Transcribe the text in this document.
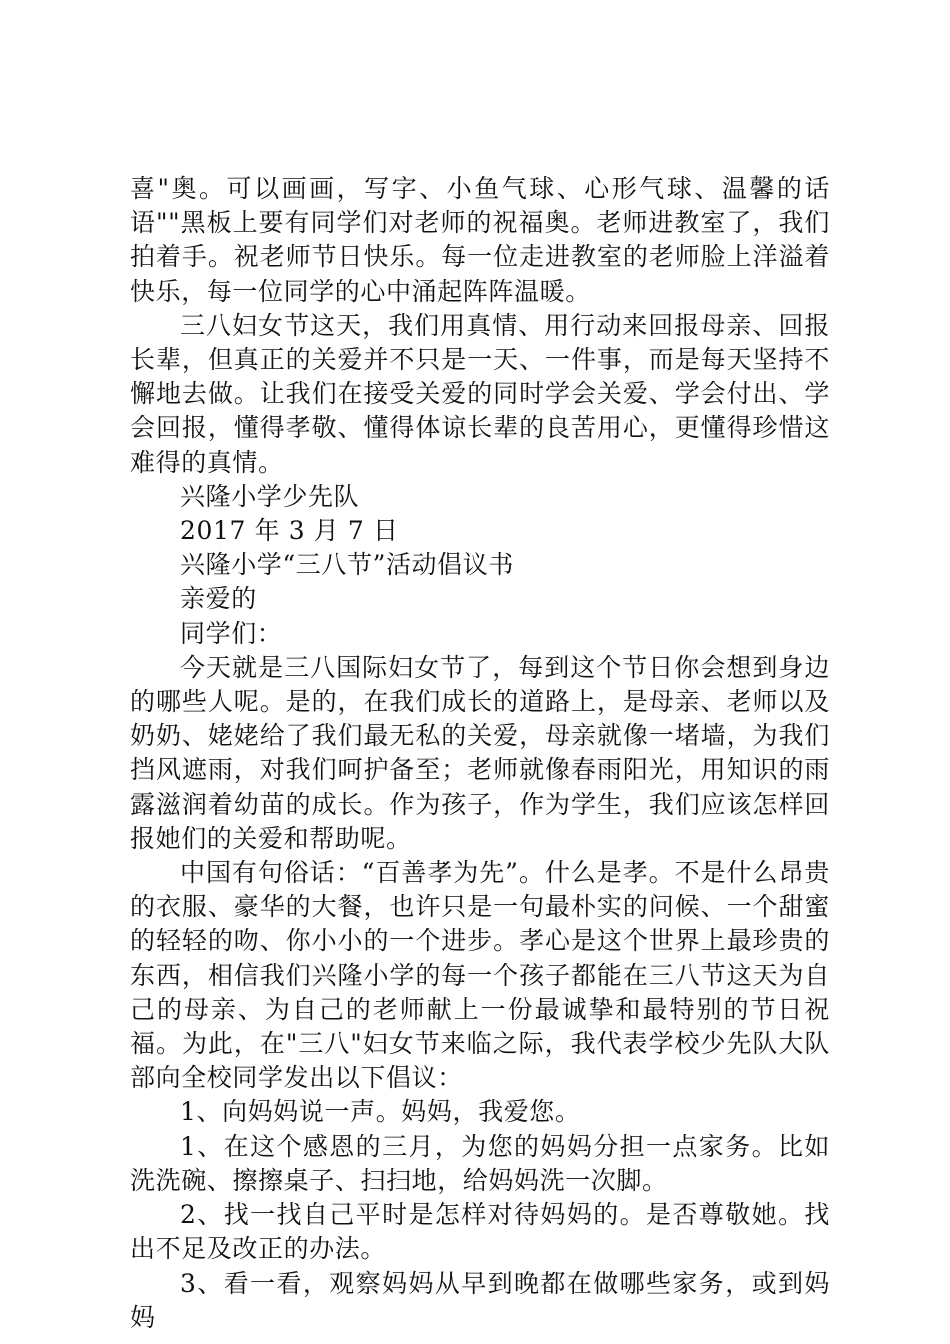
喜"奥。可以画画，写字、小鱼气球、心形气球、温馨的话语""黑板上要有同学们对老师的祝福奥。老师进教室了，我们拍着手。祝老师节日快乐。每一位走进教室的老师脸上洋溢着快乐，每一位同学的心中涌起阵阵温暖。

三八妇女节这天，我们用真情、用行动来回报母亲、回报长辈，但真正的关爱并不只是一天、一件事，而是每天坚持不懈地去做。让我们在接受关爱的同时学会关爱、学会付出、学会回报，懂得孝敬、懂得体谅长辈的良苦用心，更懂得珍惜这难得的真情。

兴隆小学少先队

2017 年 3 月 7 日

兴隆小学“三八节”活动倡议书

亲爱的

同学们：

今天就是三八国际妇女节了，每到这个节日你会想到身边的哪些人呢。是的，在我们成长的道路上，是母亲、老师以及奶奶、姥姥给了我们最无私的关爱，母亲就像一堵墙，为我们挡风遮雨，对我们呵护备至；老师就像春雨阳光，用知识的雨露滋润着幼苗的成长。作为孩子，作为学生，我们应该怎样回报她们的关爱和帮助呢。

中国有句俗话：“百善孝为先”。什么是孝。不是什么昂贵的衣服、豪华的大餐，也许只是一句最朴实的问候、一个甜蜜的轻轻的吻、你小小的一个进步。孝心是这个世界上最珍贵的东西，相信我们兴隆小学的每一个孩子都能在三八节这天为自己的母亲、为自己的老师献上一份最诚挚和最特别的节日祝福。为此，在"三八"妇女节来临之际，我代表学校少先队大队部向全校同学发出以下倡议：

1、向妈妈说一声。妈妈，我爱您。

1、在这个感恩的三月，为您的妈妈分担一点家务。比如洗洗碗、擦擦桌子、扫扫地，给妈妈洗一次脚。

2、找一找自己平时是怎样对待妈妈的。是否尊敬她。找出不足及改正的办法。

3、看一看，观察妈妈从早到晚都在做哪些家务，或到妈妈
